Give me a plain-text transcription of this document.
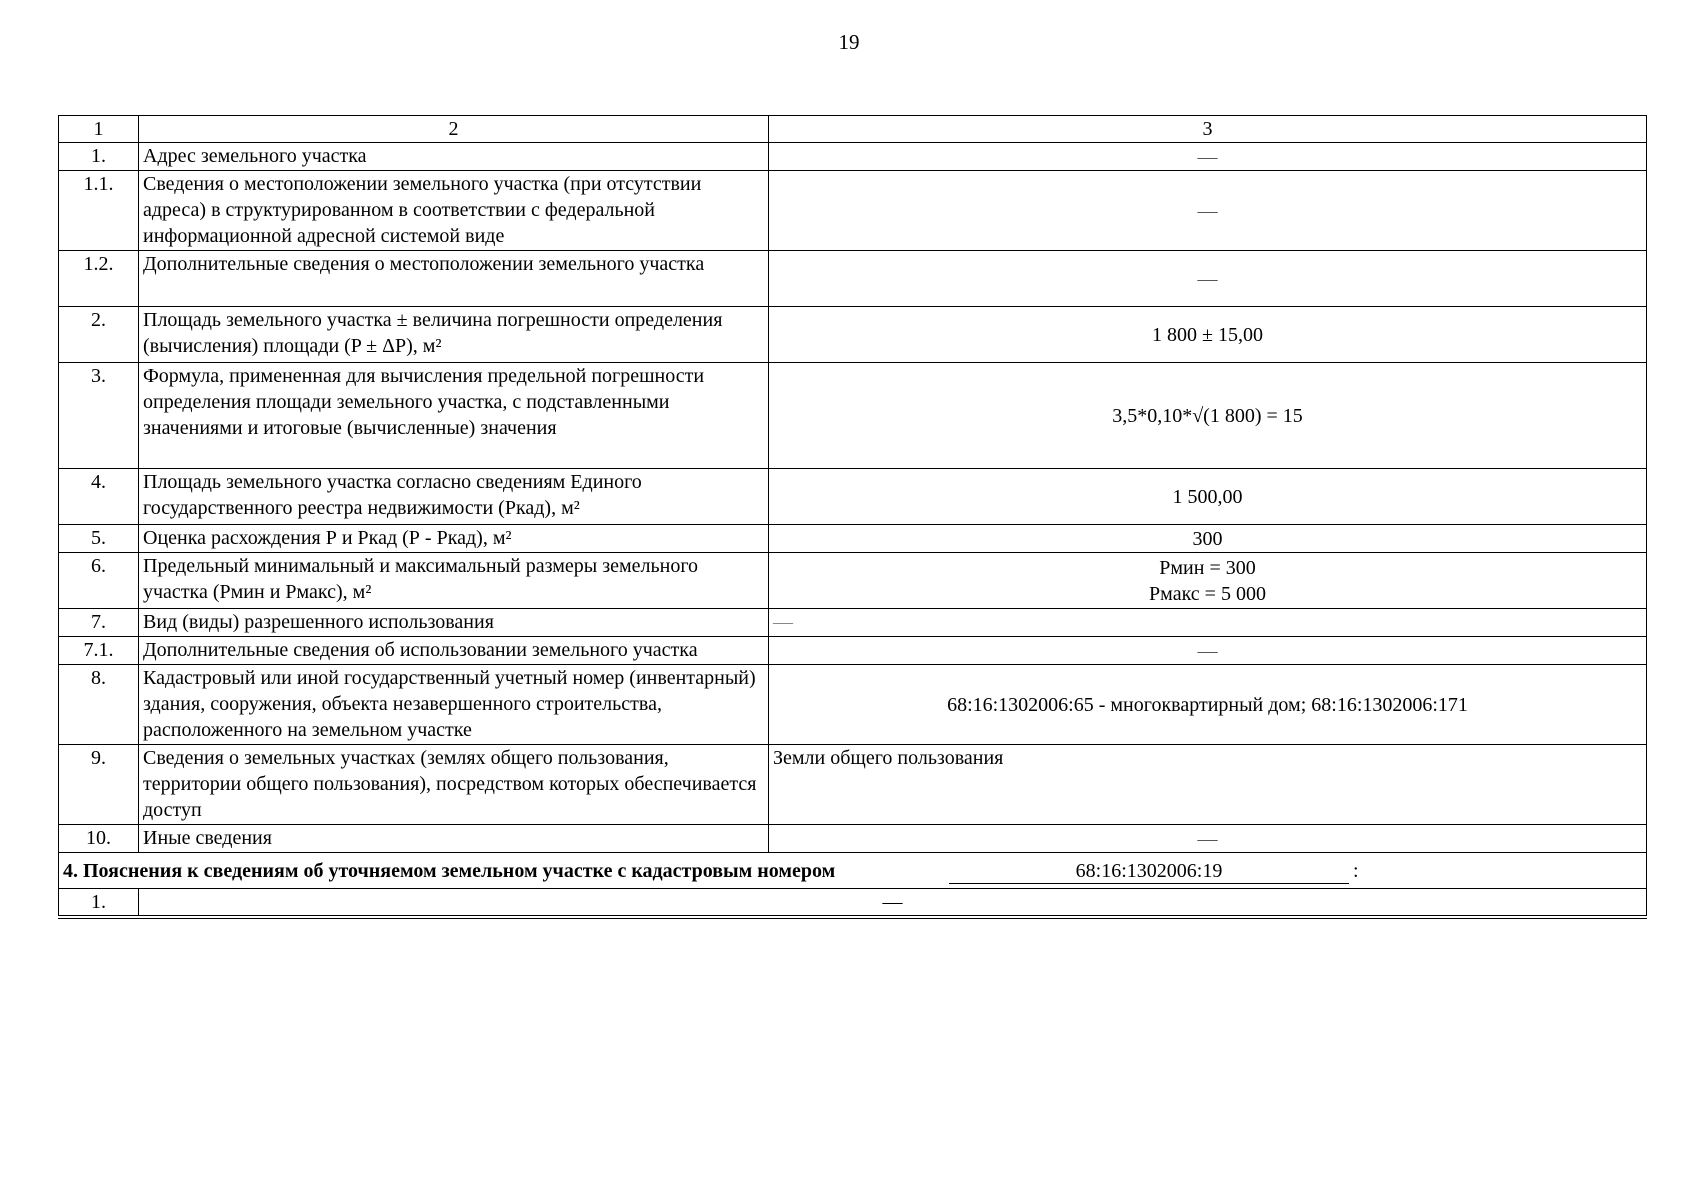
19
1	2	3
1.	Адрес земельного участка	—
1.1.	Сведения о местоположении земельного участка (при отсутствии адреса) в структурированном в соответствии с федеральной информационной адресной системой виде	—
1.2.	Дополнительные сведения о местоположении земельного участка	—
2.	Площадь земельного участка ± величина погрешности определения (вычисления) площади (P ± ΔP), м²	1 800 ± 15,00
3.	Формула, примененная для вычисления предельной погрешности определения площади земельного участка, с подставленными значениями и итоговые (вычисленные) значения	3,5*0,10*√(1 800) = 15
4.	Площадь земельного участка согласно сведениям Единого государственного реестра недвижимости (Ркад), м²	1 500,00
5.	Оценка расхождения Р и Ркад (Р - Ркад), м²	300
6.	Предельный минимальный и максимальный размеры земельного участка (Рмин и Рмакс), м²	Рмин = 300
Рмакс = 5 000

7.	Вид (виды) разрешенного использования	—
7.1.	Дополнительные сведения об использовании земельного участка	—
8.	Кадастровый или иной государственный учетный номер (инвентарный) здания, сооружения, объекта незавершенного строительства, расположенного на земельном участке	68:16:1302006:65 - многоквартирный дом; 68:16:1302006:171
9.	Сведения о земельных участках (землях общего пользования, территории общего пользования), посредством которых обеспечивается доступ	Земли общего пользования
10.	Иные сведения	—
4. Пояснения к сведениям об уточняемом земельном участке с кадастровым номером 68:16:1302006:19 :		
1.	—	
